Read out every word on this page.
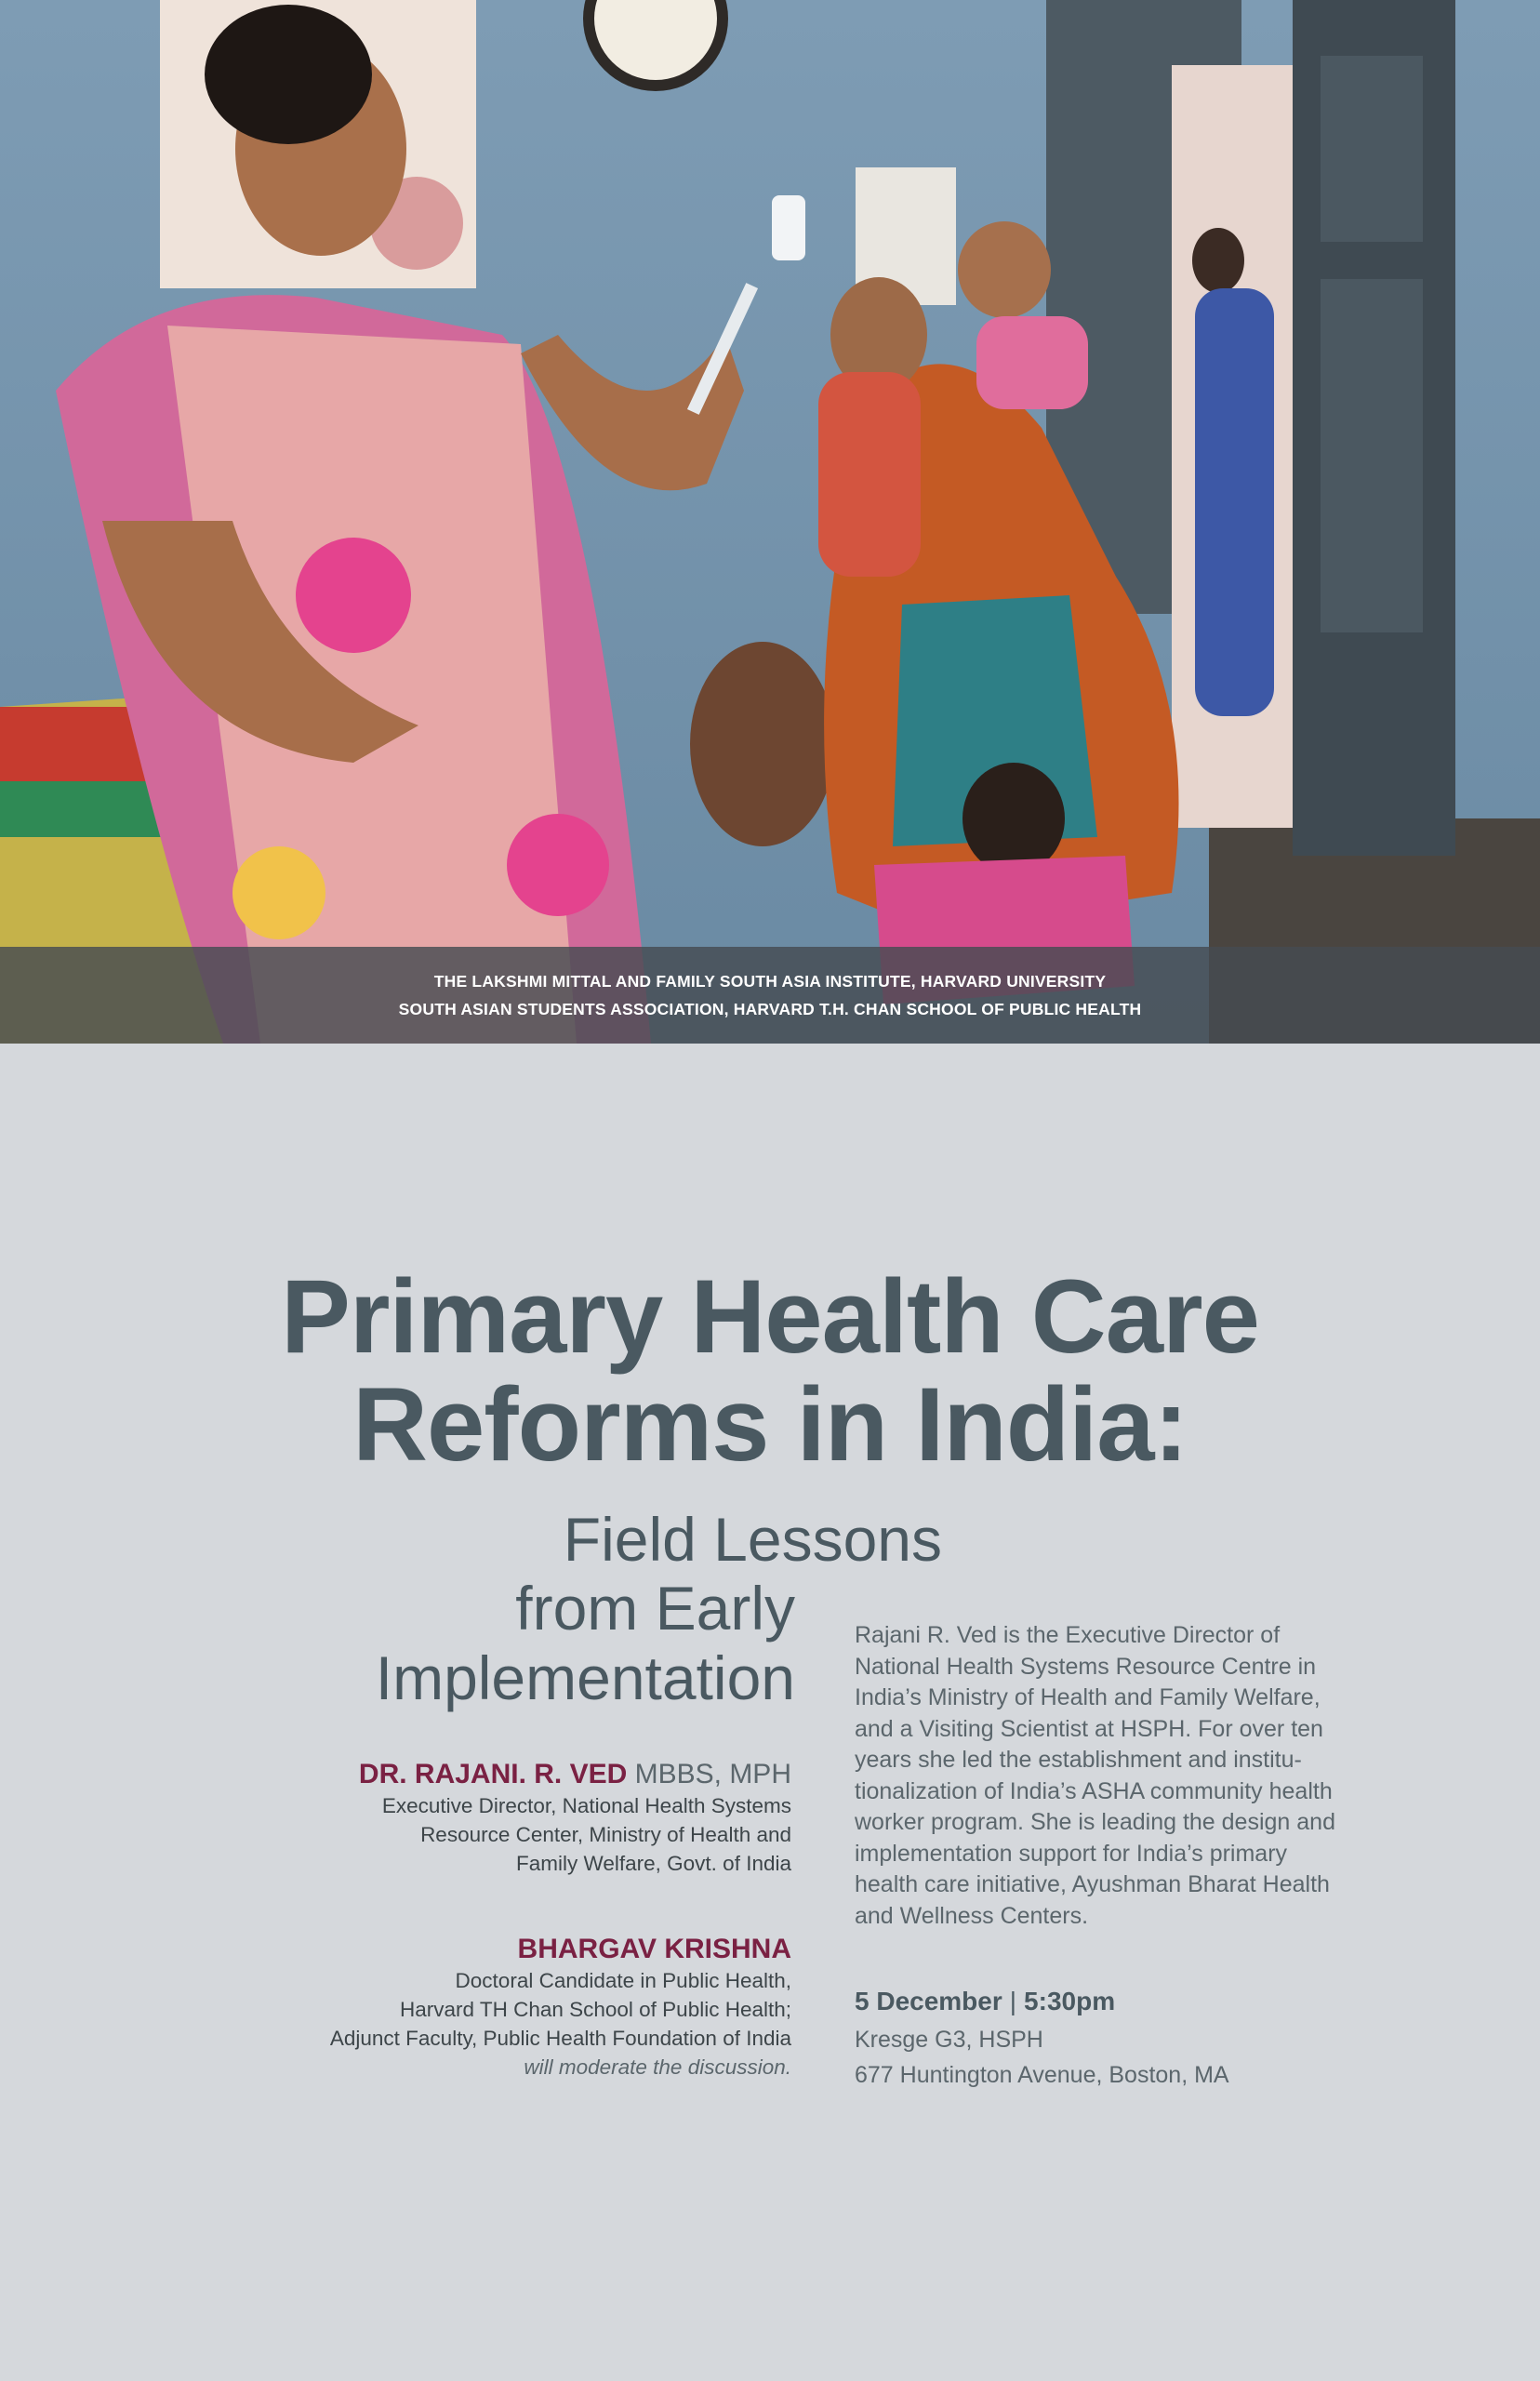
THE LAKSHMI MITTAL AND FAMILY SOUTH ASIA INSTITUTE, HARVARD UNIVERSITY
SOUTH ASIAN STUDENTS ASSOCIATION, HARVARD T.H. CHAN SCHOOL OF PUBLIC HEALTH
Primary Health Care
Reforms in India:
Field Lessons
from Early
Implementation
DR. RAJANI. R. VED MBBS, MPH
Executive Director, National Health Systems
Resource Center, Ministry of Health and
Family Welfare, Govt. of India
BHARGAV KRISHNA
Doctoral Candidate in Public Health,
Harvard TH Chan School of Public Health;
Adjunct Faculty, Public Health Foundation of India
will moderate the discussion.
Rajani R. Ved is the Executive Director of National Health Systems Resource Centre in India’s Ministry of Health and Family Welfare, and a Visiting Scientist at HSPH. For over ten years she led the establishment and institutionalization of India’s ASHA community health worker program. She is leading the design and implementation support for India’s primary health care initiative, Ayushman Bharat Health and Wellness Centers.
5 December | 5:30pm
Kresge G3, HSPH
677 Huntington Avenue, Boston, MA
